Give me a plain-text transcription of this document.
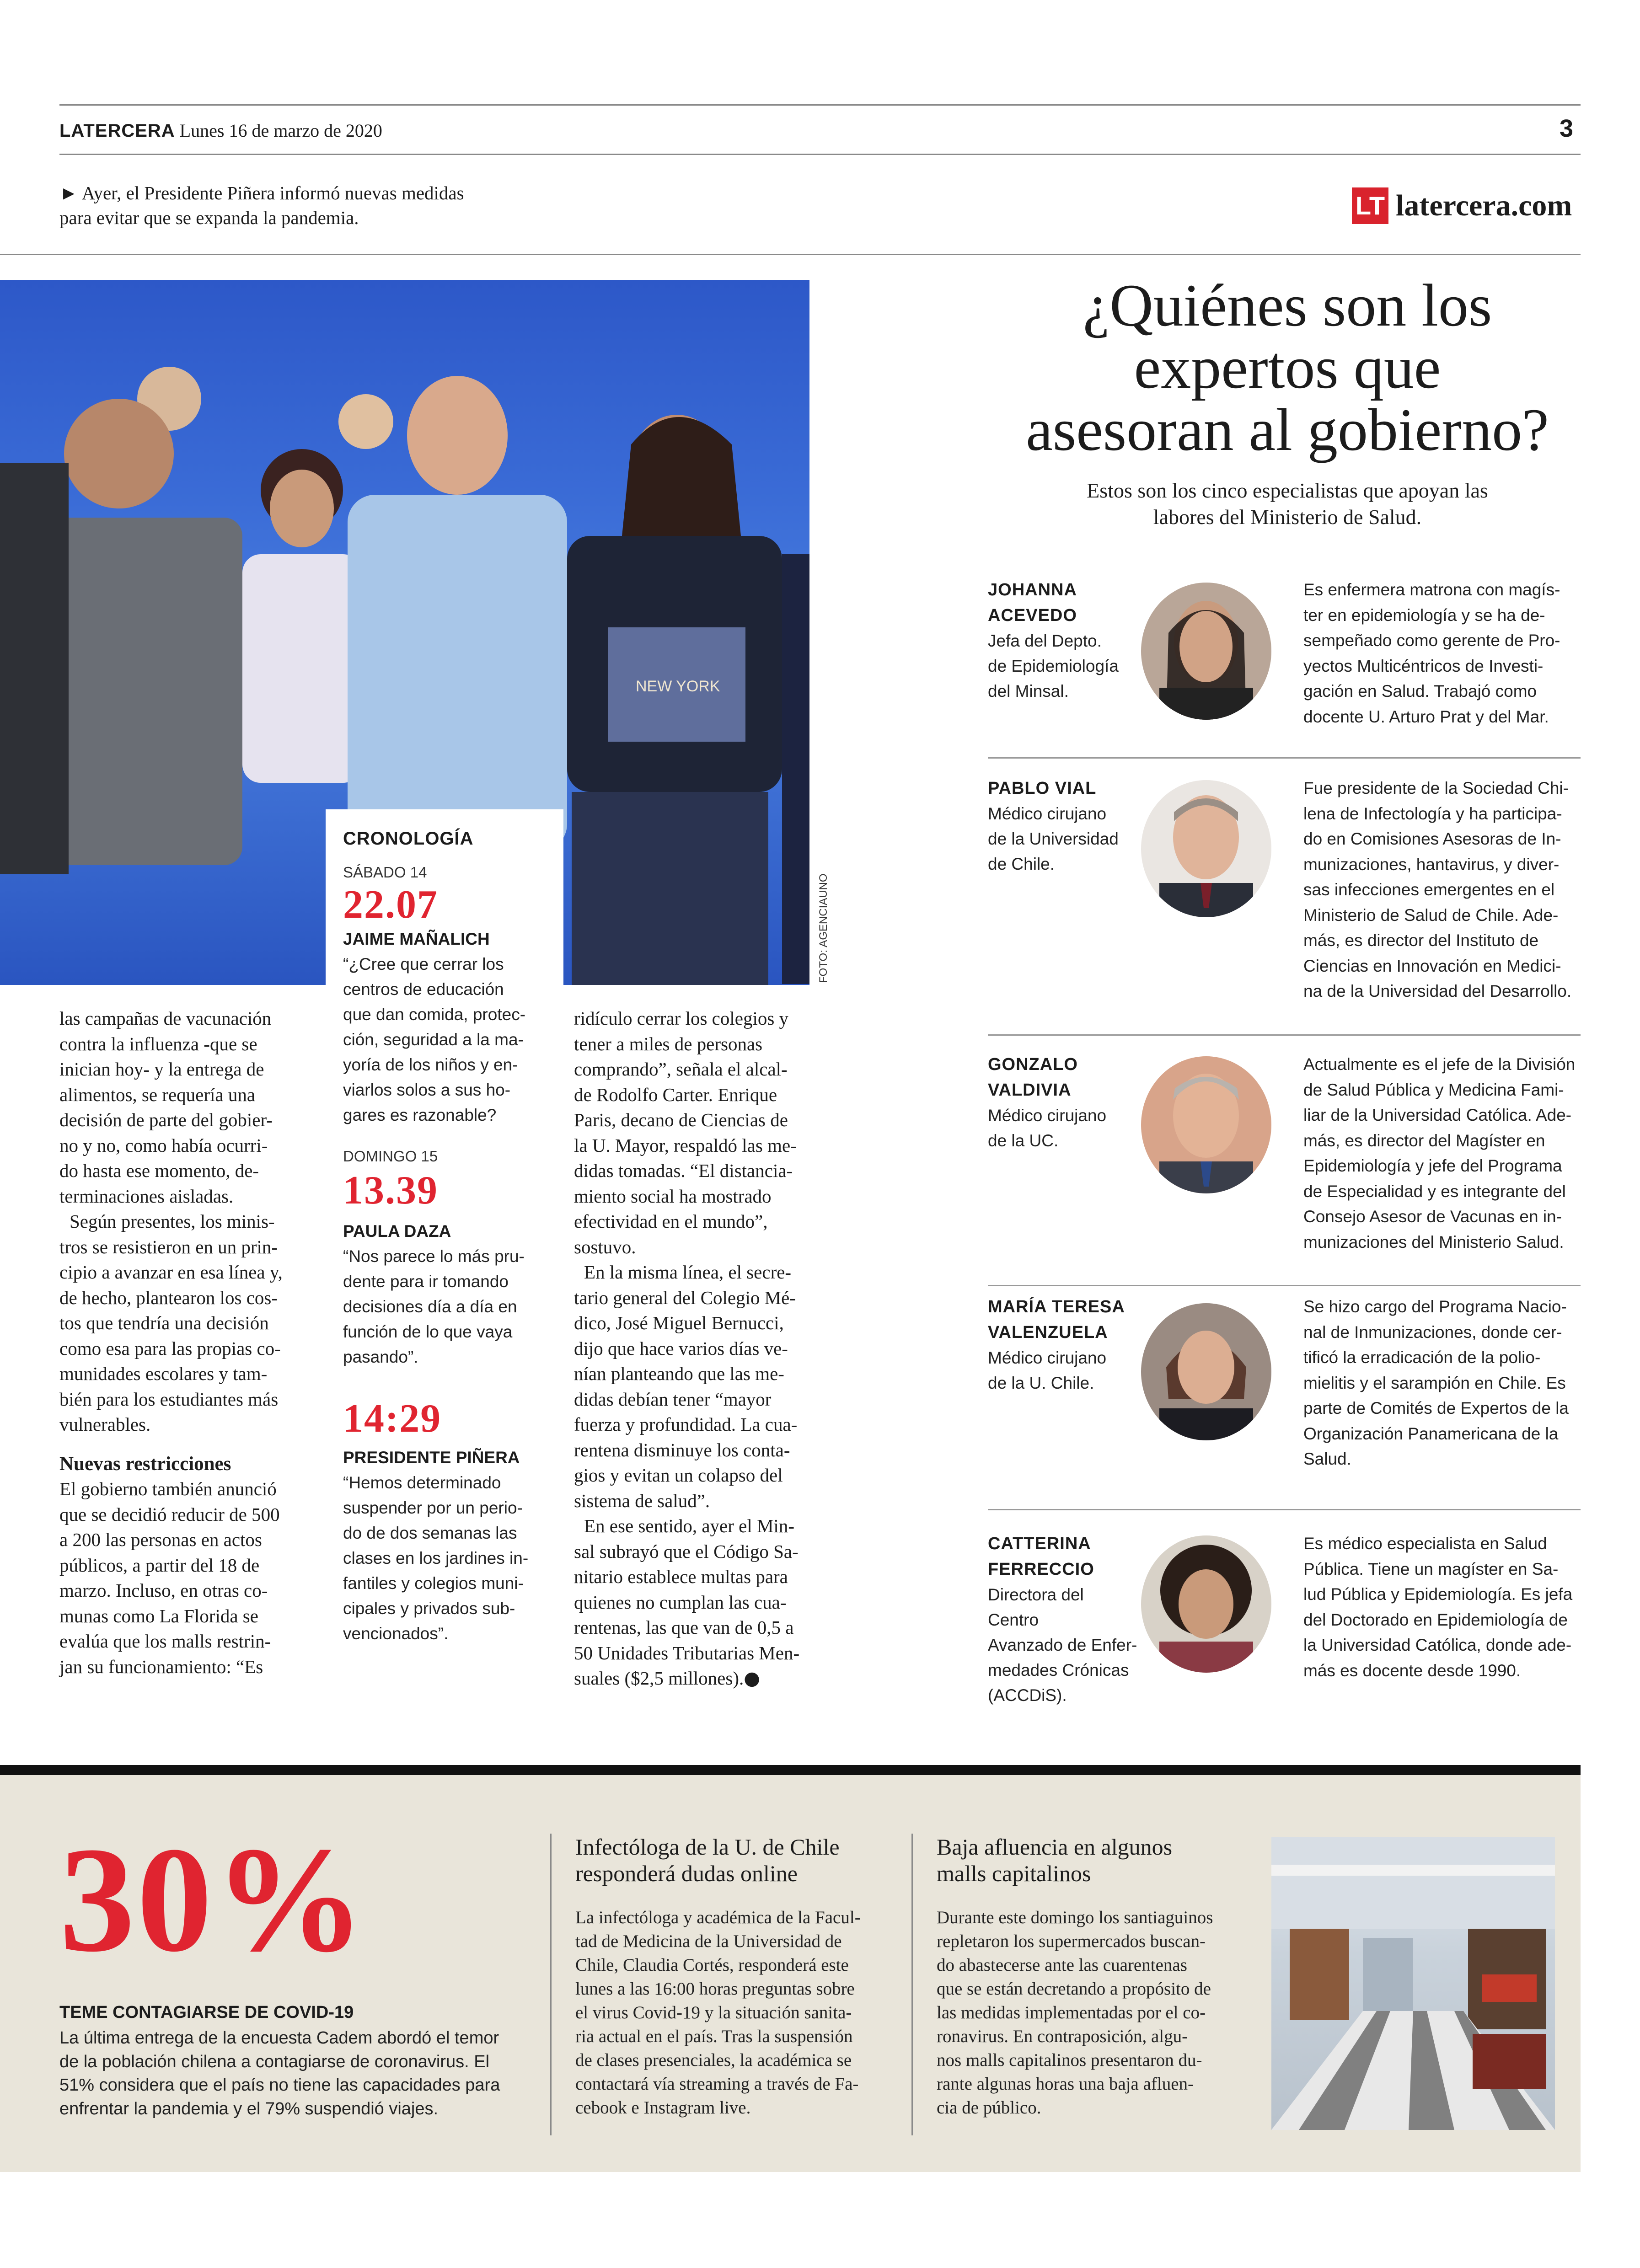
LATERCERA Lunes 16 de marzo de 2020	3
► Ayer, el Presidente Piñera informó nuevas medidas
para evitar que se expanda la pandemia.	LT latercera.com
NEW YORK
FOTO: AGENCIAUNO
CRONOLOGÍA
SÁBADO 14
22.07
JAIME MAÑALICH
“¿Cree que cerrar los
centros de educación
que dan comida, protec-
ción, seguridad a la ma-
yoría de los niños y en-
viarlos solos a sus ho-
gares es razonable?
DOMINGO 15
13.39
PAULA DAZA
“Nos parece lo más pru-
dente para ir tomando
decisiones día a día en
función de lo que vaya
pasando”.
14:29
PRESIDENTE PIÑERA
“Hemos determinado
suspender por un perio-
do de dos semanas las
clases en los jardines in-
fantiles y colegios muni-
cipales y privados sub-
vencionados”.

las campañas de vacunación
contra la influenza -que se
inician hoy- y la entrega de
alimentos, se requería una
decisión de parte del gobier-
no y no, como había ocurri-
do hasta ese momento, de-
terminaciones aisladas.

Según presentes, los minis-
tros se resistieron en un prin-
cipio a avanzar en esa línea y,
de hecho, plantearon los cos-
tos que tendría una decisión
como esa para las propias co-
munidades escolares y tam-
bién para los estudiantes más
vulnerables.

Nuevas restricciones

El gobierno también anunció
que se decidió reducir de 500
a 200 las personas en actos
públicos, a partir del 18 de
marzo. Incluso, en otras co-
munas como La Florida se
evalúa que los malls restrin-
jan su funcionamiento: “Es

ridículo cerrar los colegios y
tener a miles de personas
comprando”, señala el alcal-
de Rodolfo Carter. Enrique
Paris, decano de Ciencias de
la U. Mayor, respaldó las me-
didas tomadas. “El distancia-
miento social ha mostrado
efectividad en el mundo”,
sostuvo.

En la misma línea, el secre-
tario general del Colegio Mé-
dico, José Miguel Bernucci,
dijo que hace varios días ve-
nían planteando que las me-
didas debían tener “mayor
fuerza y profundidad. La cua-
rentena disminuye los conta-
gios y evitan un colapso del
sistema de salud”.

En ese sentido, ayer el Min-
sal subrayó que el Código Sa-
nitario establece multas para
quienes no cumplan las cua-
rentenas, las que van de 0,5 a
50 Unidades Tributarias Men-
suales ($2,5 millones).●

¿Quiénes son los
expertos que
asesoran al gobierno?
Estos son los cinco especialistas que apoyan las
labores del Ministerio de Salud.
JOHANNA
ACEVEDO
Jefa del Depto.
de Epidemiología
del Minsal.
Es enfermera matrona con magís-
ter en epidemiología y se ha de-
sempeñado como gerente de Pro-
yectos Multicéntricos de Investi-
gación en Salud. Trabajó como
docente U. Arturo Prat y del Mar.
PABLO VIAL
Médico cirujano
de la Universidad
de Chile.
Fue presidente de la Sociedad Chi-
lena de Infectología y ha participa-
do en Comisiones Asesoras de In-
munizaciones, hantavirus, y diver-
sas infecciones emergentes en el
Ministerio de Salud de Chile. Ade-
más, es director del Instituto de
Ciencias en Innovación en Medici-
na de la Universidad del Desarrollo.
GONZALO
VALDIVIA
Médico cirujano
de la UC.
Actualmente es el jefe de la División
de Salud Pública y Medicina Fami-
liar de la Universidad Católica. Ade-
más, es director del Magíster en
Epidemiología y jefe del Programa
de Especialidad y es integrante del
Consejo Asesor de Vacunas en in-
munizaciones del Ministerio Salud.
MARÍA TERESA
VALENZUELA
Médico cirujano
de la U. Chile.
Se hizo cargo del Programa Nacio-
nal de Inmunizaciones, donde cer-
tificó la erradicación de la polio-
mielitis y el sarampión en Chile. Es
parte de Comités de Expertos de la
Organización Panamericana de la
Salud.
CATTERINA
FERRECCIO
Directora del Centro
Avanzado de Enfer-
medades Crónicas
(ACCDiS).
Es médico especialista en Salud
Pública. Tiene un magíster en Sa-
lud Pública y Epidemiología. Es jefa
del Doctorado en Epidemiología de
la Universidad Católica, donde ade-
más es docente desde 1990.
30%
TEME CONTAGIARSE DE COVID-19
La última entrega de la encuesta Cadem abordó el temor
de la población chilena a contagiarse de coronavirus. El
51% considera que el país no tiene las capacidades para
enfrentar la pandemia y el 79% suspendió viajes.
Infectóloga de la U. de Chile
responderá dudas online
La infectóloga y académica de la Facul-
tad de Medicina de la Universidad de
Chile, Claudia Cortés, responderá este
lunes a las 16:00 horas preguntas sobre
el virus Covid-19 y la situación sanita-
ria actual en el país. Tras la suspensión
de clases presenciales, la académica se
contactará vía streaming a través de Fa-
cebook e Instagram live.
Baja afluencia en algunos
malls capitalinos
Durante este domingo los santiaguinos
repletaron los supermercados buscan-
do abastecerse ante las cuarentenas
que se están decretando a propósito de
las medidas implementadas por el co-
ronavirus. En contraposición, algu-
nos malls capitalinos presentaron du-
rante algunas horas una baja afluen-
cia de público.
